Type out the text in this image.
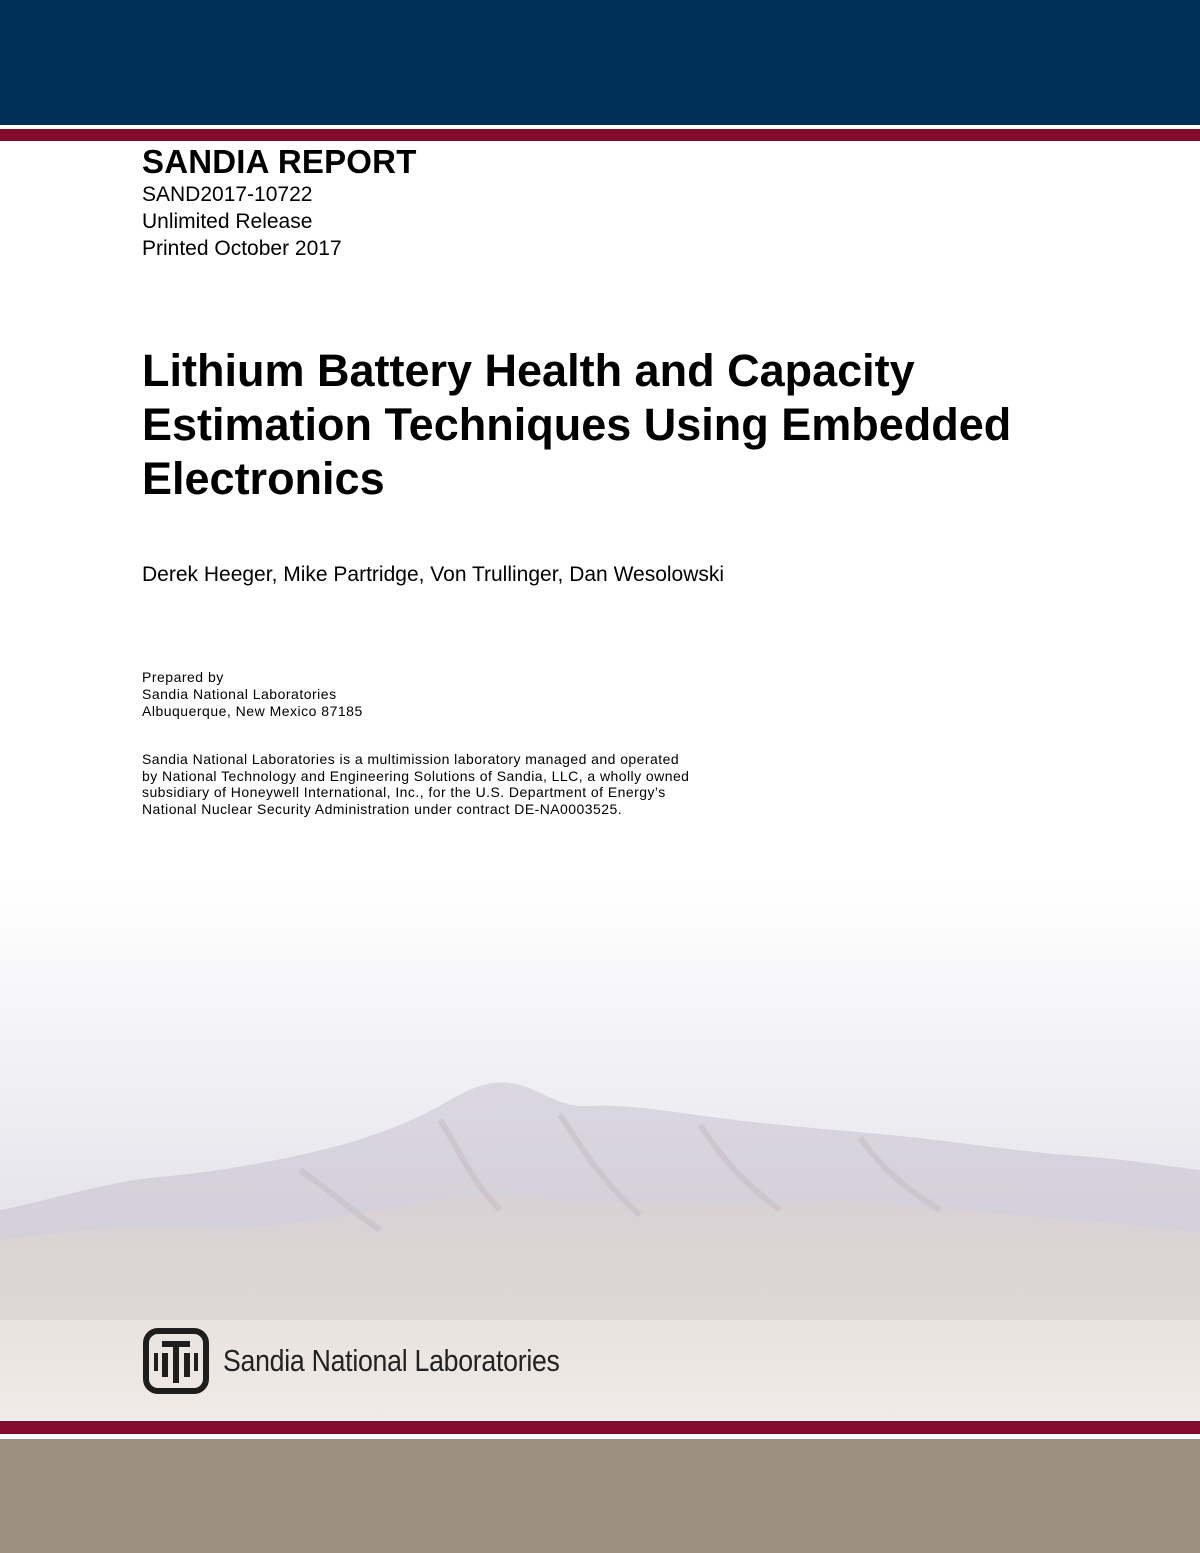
SANDIA REPORT
SAND2017-10722
Unlimited Release
Printed October 2017
Lithium Battery Health and Capacity
Estimation Techniques Using Embedded
Electronics
Derek Heeger, Mike Partridge, Von Trullinger, Dan Wesolowski
Prepared by
Sandia National Laboratories
Albuquerque, New Mexico 87185
Sandia National Laboratories is a multimission laboratory managed and operated
by National Technology and Engineering Solutions of Sandia, LLC, a wholly owned
subsidiary of Honeywell International, Inc., for the U.S. Department of Energy’s
National Nuclear Security Administration under contract DE-NA0003525.
Sandia National Laboratories
